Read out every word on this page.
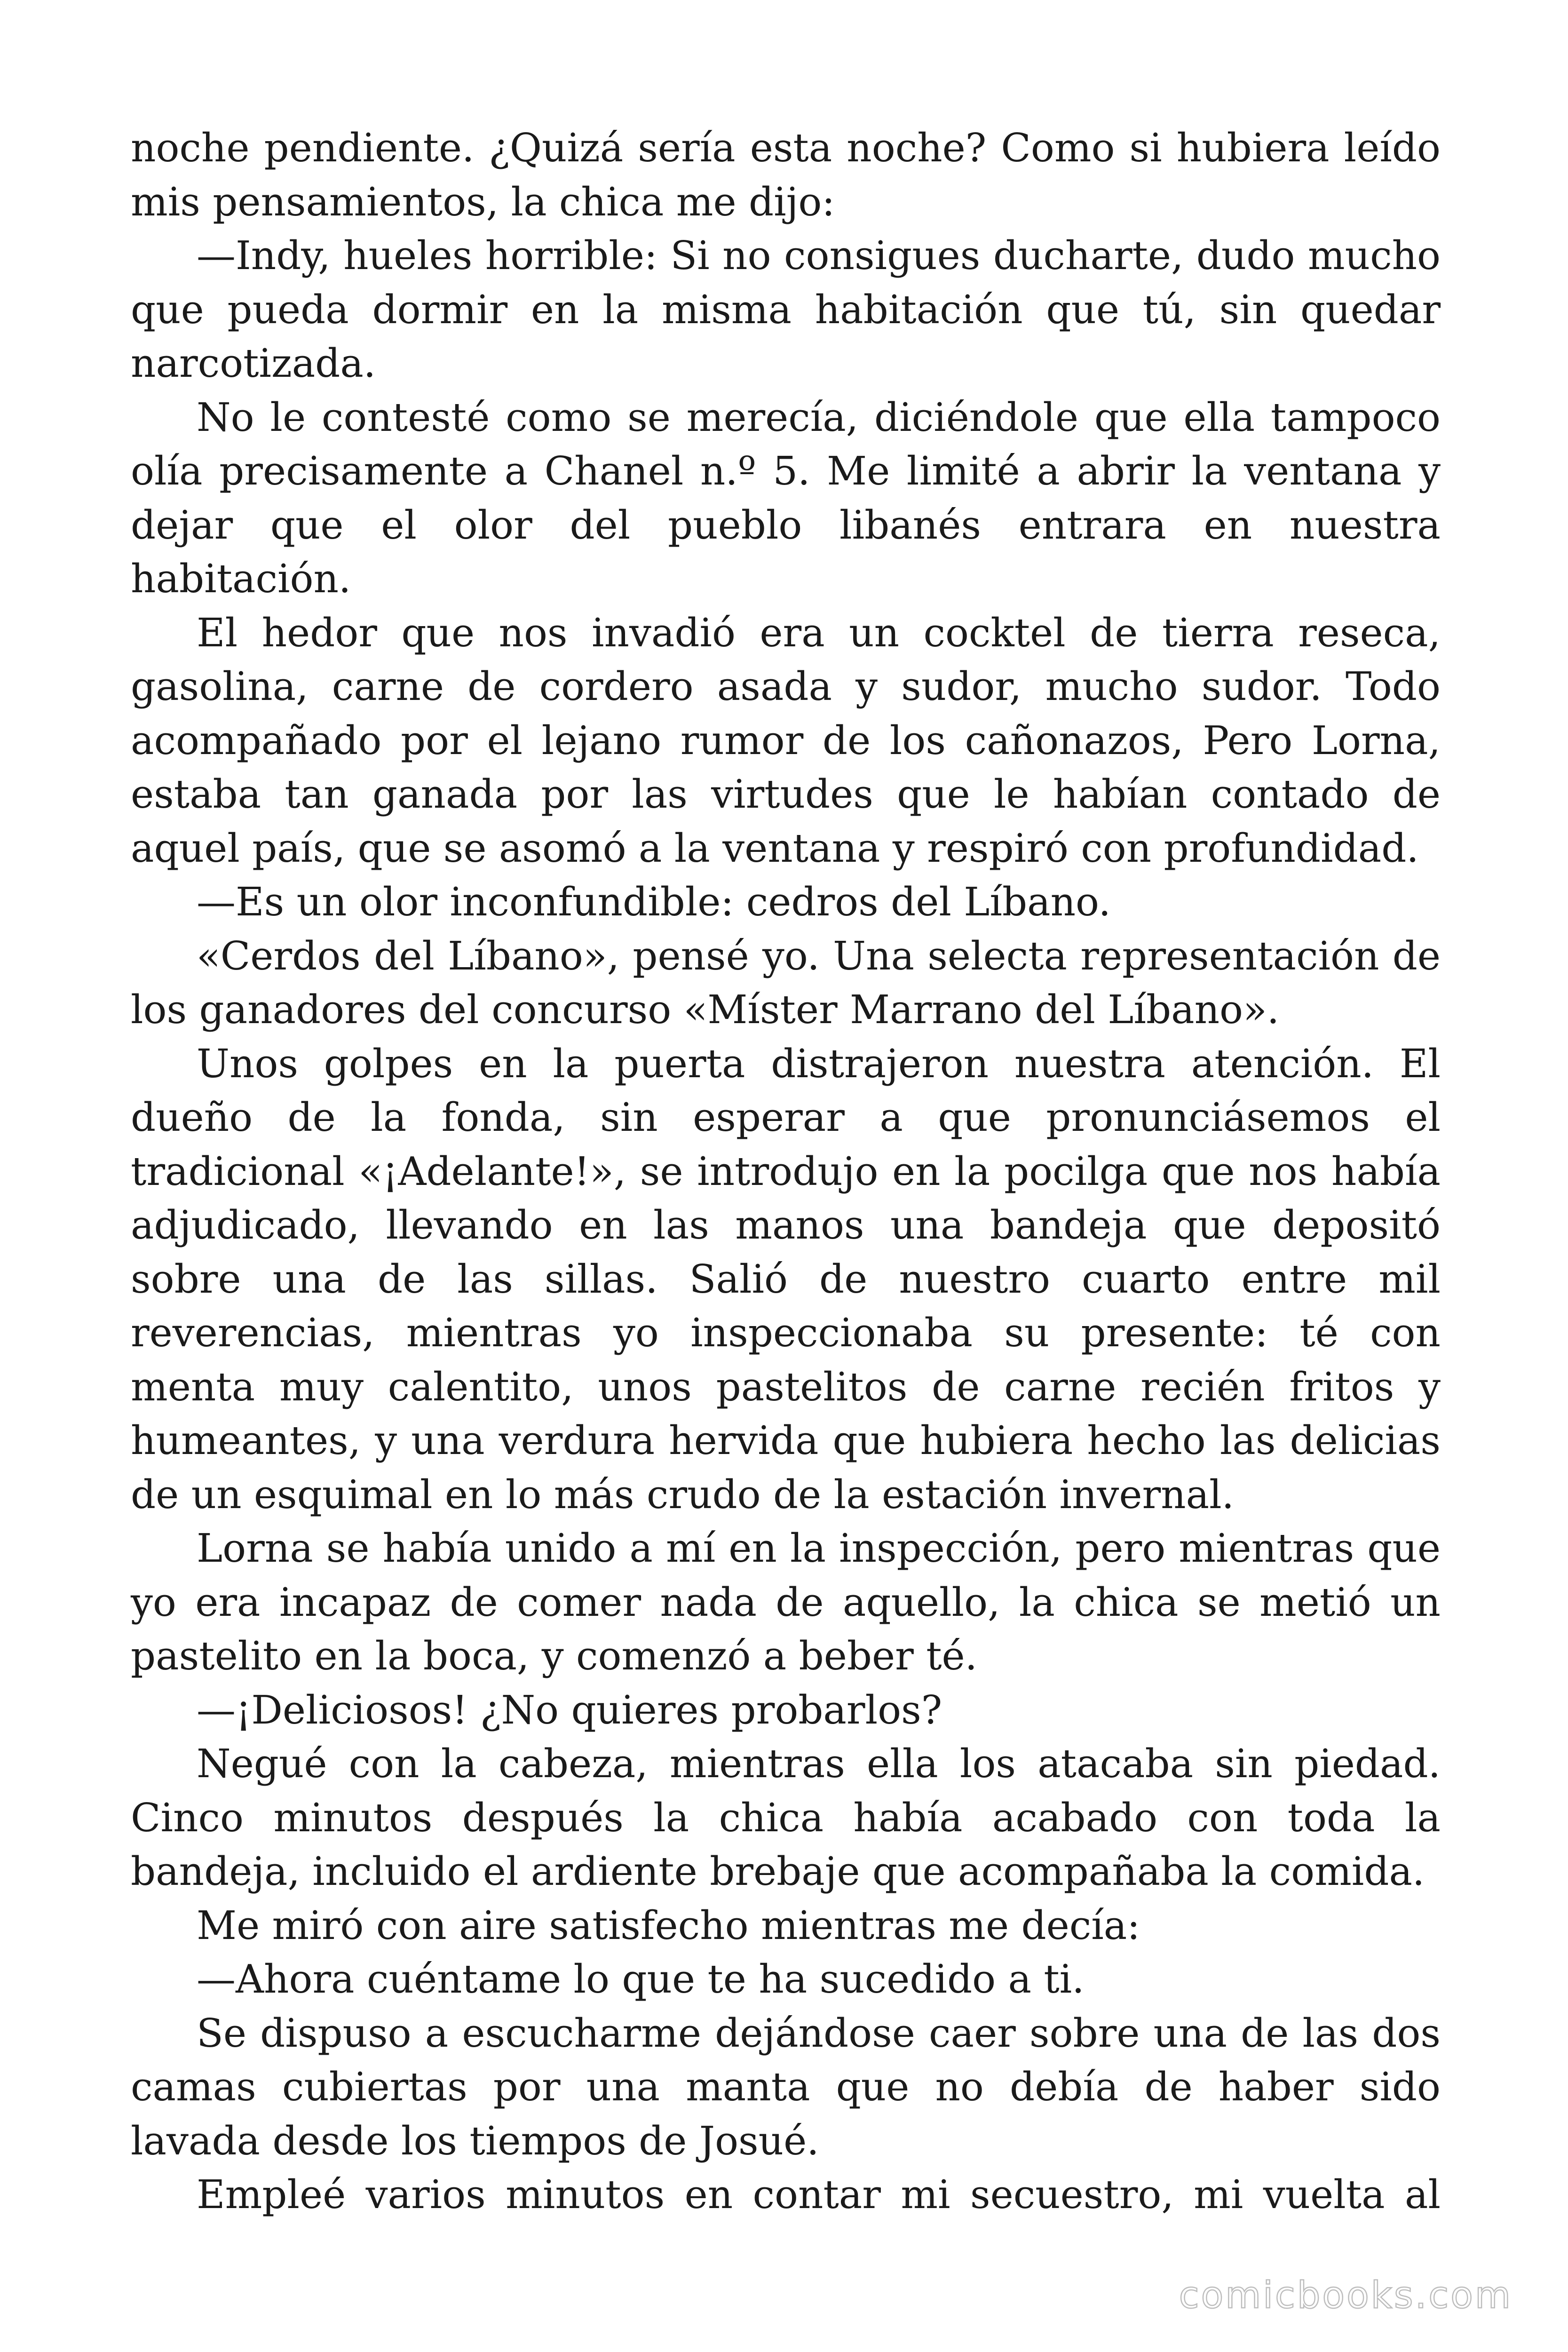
noche pendiente. ¿Quizá sería esta noche? Como si hubiera leído mis pensamientos, la chica me dijo:

—Indy, hueles horrible: Si no consigues ducharte, dudo mucho que pueda dormir en la misma habitación que tú, sin quedar narcotizada.

No le contesté como se merecía, diciéndole que ella tampoco olía precisamente a Chanel n.º 5. Me limité a abrir la ventana y dejar que el olor del pueblo libanés entrara en nuestra habitación.

El hedor que nos invadió era un cocktel de tierra reseca, gasolina, carne de cordero asada y sudor, mucho sudor. Todo acompañado por el lejano rumor de los cañonazos, Pero Lorna, estaba tan ganada por las virtudes que le habían contado de aquel país, que se asomó a la ventana y respiró con profundidad.

—Es un olor inconfundible: cedros del Líbano.

«Cerdos del Líbano», pensé yo. Una selecta representación de los ganadores del concurso «Míster Marrano del Líbano».

Unos golpes en la puerta distrajeron nuestra atención. El dueño de la fonda, sin esperar a que pronunciásemos el tradicional «¡Adelante!», se introdujo en la pocilga que nos había adjudicado, llevando en las manos una bandeja que depositó sobre una de las sillas. Salió de nuestro cuarto entre mil reverencias, mientras yo inspeccionaba su presente: té con menta muy calentito, unos pastelitos de carne recién fritos y humeantes, y una verdura hervida que hubiera hecho las delicias de un esquimal en lo más crudo de la estación invernal.

Lorna se había unido a mí en la inspección, pero mientras que yo era incapaz de comer nada de aquello, la chica se metió un pastelito en la boca, y comenzó a beber té.

—¡Deliciosos! ¿No quieres probarlos?

Negué con la cabeza, mientras ella los atacaba sin piedad. Cinco minutos después la chica había acabado con toda la bandeja, incluido el ardiente brebaje que acompañaba la comida.

Me miró con aire satisfecho mientras me decía:

—Ahora cuéntame lo que te ha sucedido a ti.

Se dispuso a escucharme dejándose caer sobre una de las dos camas cubiertas por una manta que no debía de haber sido lavada desde los tiempos de Josué.

Empleé varios minutos en contar mi secuestro, mi vuelta al

comicbooks.com
